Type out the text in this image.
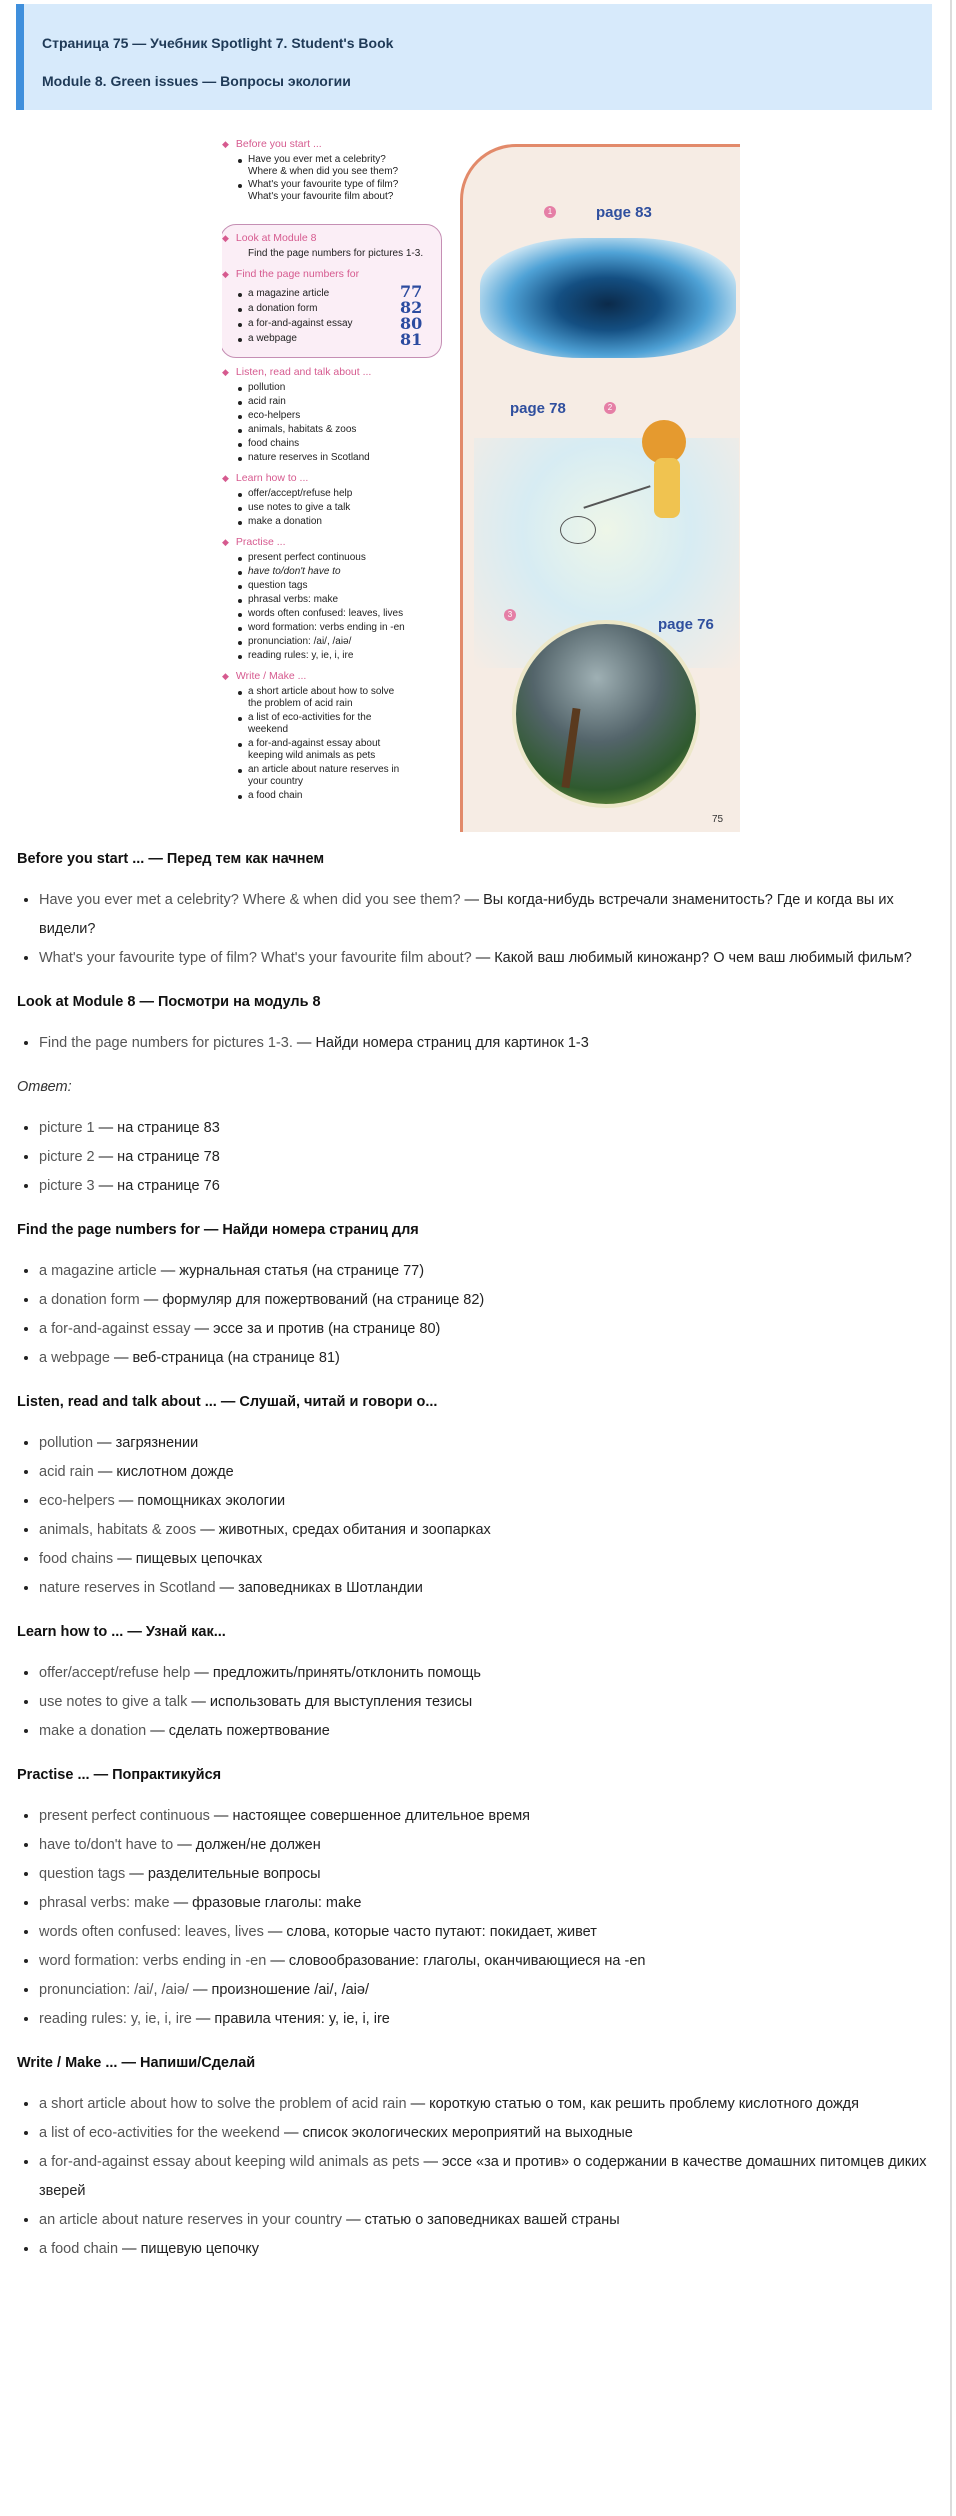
Страница 75 — Учебник Spotlight 7. Student's Book
Module 8. Green issues — Вопросы экологии
◆ Before you start ...
Have you ever met a celebrity?
Where & when did you see them?
What's your favourite type of film?
What's your favourite film about?
◆ Look at Module 8
Find the page numbers for pictures 1-3.
◆ Find the page numbers for
a magazine article
a donation form
a for-and-against essay
a webpage
77
82
80
81
◆ Listen, read and talk about ...
pollution
acid rain
eco-helpers
animals, habitats & zoos
food chains
nature reserves in Scotland
◆ Learn how to ...
offer/accept/refuse help
use notes to give a talk
make a donation
◆ Practise ...
present perfect continuous
have to/don't have to
question tags
phrasal verbs: make
words often confused: leaves, lives
word formation: verbs ending in -en
pronunciation: /ai/, /aiə/
reading rules: y, ie, i, ire
◆ Write / Make ...
a short article about how to solve
the problem of acid rain
a list of eco-activities for the
weekend
a for-and-against essay about
keeping wild animals as pets
an article about nature reserves in
your country
a food chain
1	page 83
2
page 78
3
page 76
75
Before you start ... — Перед тем как начнем
• Have you ever met a celebrity? Where & when did you see them? — Вы когда-нибудь встречали знаменитость? Где и когда вы их видели?
• What's your favourite type of film? What's your favourite film about? — Какой ваш любимый киножанр? О чем ваш любимый фильм?
Look at Module 8 — Посмотри на модуль 8
• Find the page numbers for pictures 1-3. — Найди номера страниц для картинок 1-3
Ответ:
• picture 1 — на странице 83
• picture 2 — на странице 78
• picture 3 — на странице 76
Find the page numbers for — Найди номера страниц для
• a magazine article — журнальная статья (на странице 77)
• a donation form — формуляр для пожертвований (на странице 82)
• a for-and-against essay — эссе за и против (на странице 80)
• a webpage — веб-страница (на странице 81)
Listen, read and talk about ... — Слушай, читай и говори о...
• pollution — загрязнении
• acid rain — кислотном дожде
• eco-helpers — помощниках экологии
• animals, habitats & zoos — животных, средах обитания и зоопарках
• food chains — пищевых цепочках
• nature reserves in Scotland — заповедниках в Шотландии
Learn how to ... — Узнай как...
• offer/accept/refuse help — предложить/принять/отклонить помощь
• use notes to give a talk — использовать для выступления тезисы
• make a donation — сделать пожертвование
Practise ... — Попрактикуйся
• present perfect continuous — настоящее совершенное длительное время
• have to/don't have to — должен/не должен
• question tags — разделительные вопросы
• phrasal verbs: make — фразовые глаголы: make
• words often confused: leaves, lives — слова, которые часто путают: покидает, живет
• word formation: verbs ending in -en — словообразование: глаголы, оканчивающиеся на -en
• pronunciation: /ai/, /aiə/ — произношение /ai/, /aiə/
• reading rules: y, ie, i, ire — правила чтения: y, ie, i, ire
Write / Make ... — Напиши/Сделай
• a short article about how to solve the problem of acid rain — короткую статью о том, как решить проблему кислотного дождя
• a list of eco-activities for the weekend — список экологических мероприятий на выходные
• a for-and-against essay about keeping wild animals as pets — эссе «за и против» о содержании в качестве домашних питомцев диких зверей
• an article about nature reserves in your country — статью о заповедниках вашей страны
• a food chain — пищевую цепочку
